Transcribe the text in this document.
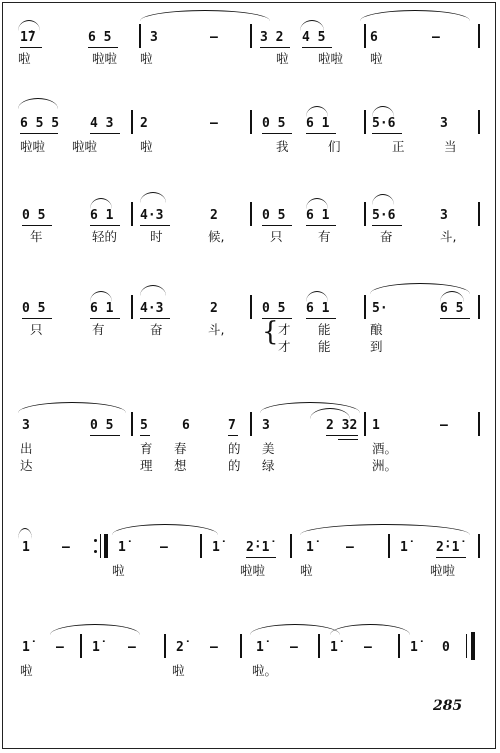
1̇7	6 5	3	–	3 2 4 5	6	–
啦	啦啦 啦	啦 啦啦 啦
6 5 5 4 3 2	–	0 5 6 1	5·6	3
啦啦 啦啦	啦	我	们	正	当
0 5	6 1 4·3	2	0 5 6 1	5·6	3
年	轻的	时	候,	只	有	奋	斗,
0 5	6 1 4·3	2	0 5 6 1	5·	6 5
只	有	奋	斗, { 才 能	酿
才 能	到
3	0 5 5	6	7 3	2 32 1	–
出	育 春	的 美	酒。
达	理 想	的 绿	洲。
1 –	1̇	–	1̇ 2̇·1̇	1̇ –	1̇ 2̇·1̇
啦	啦啦	啦	啦啦
1̇ – 1̇ –	2̇ –	1̇ – 1̇ –	1̇ 0
啦	啦	啦。
285
